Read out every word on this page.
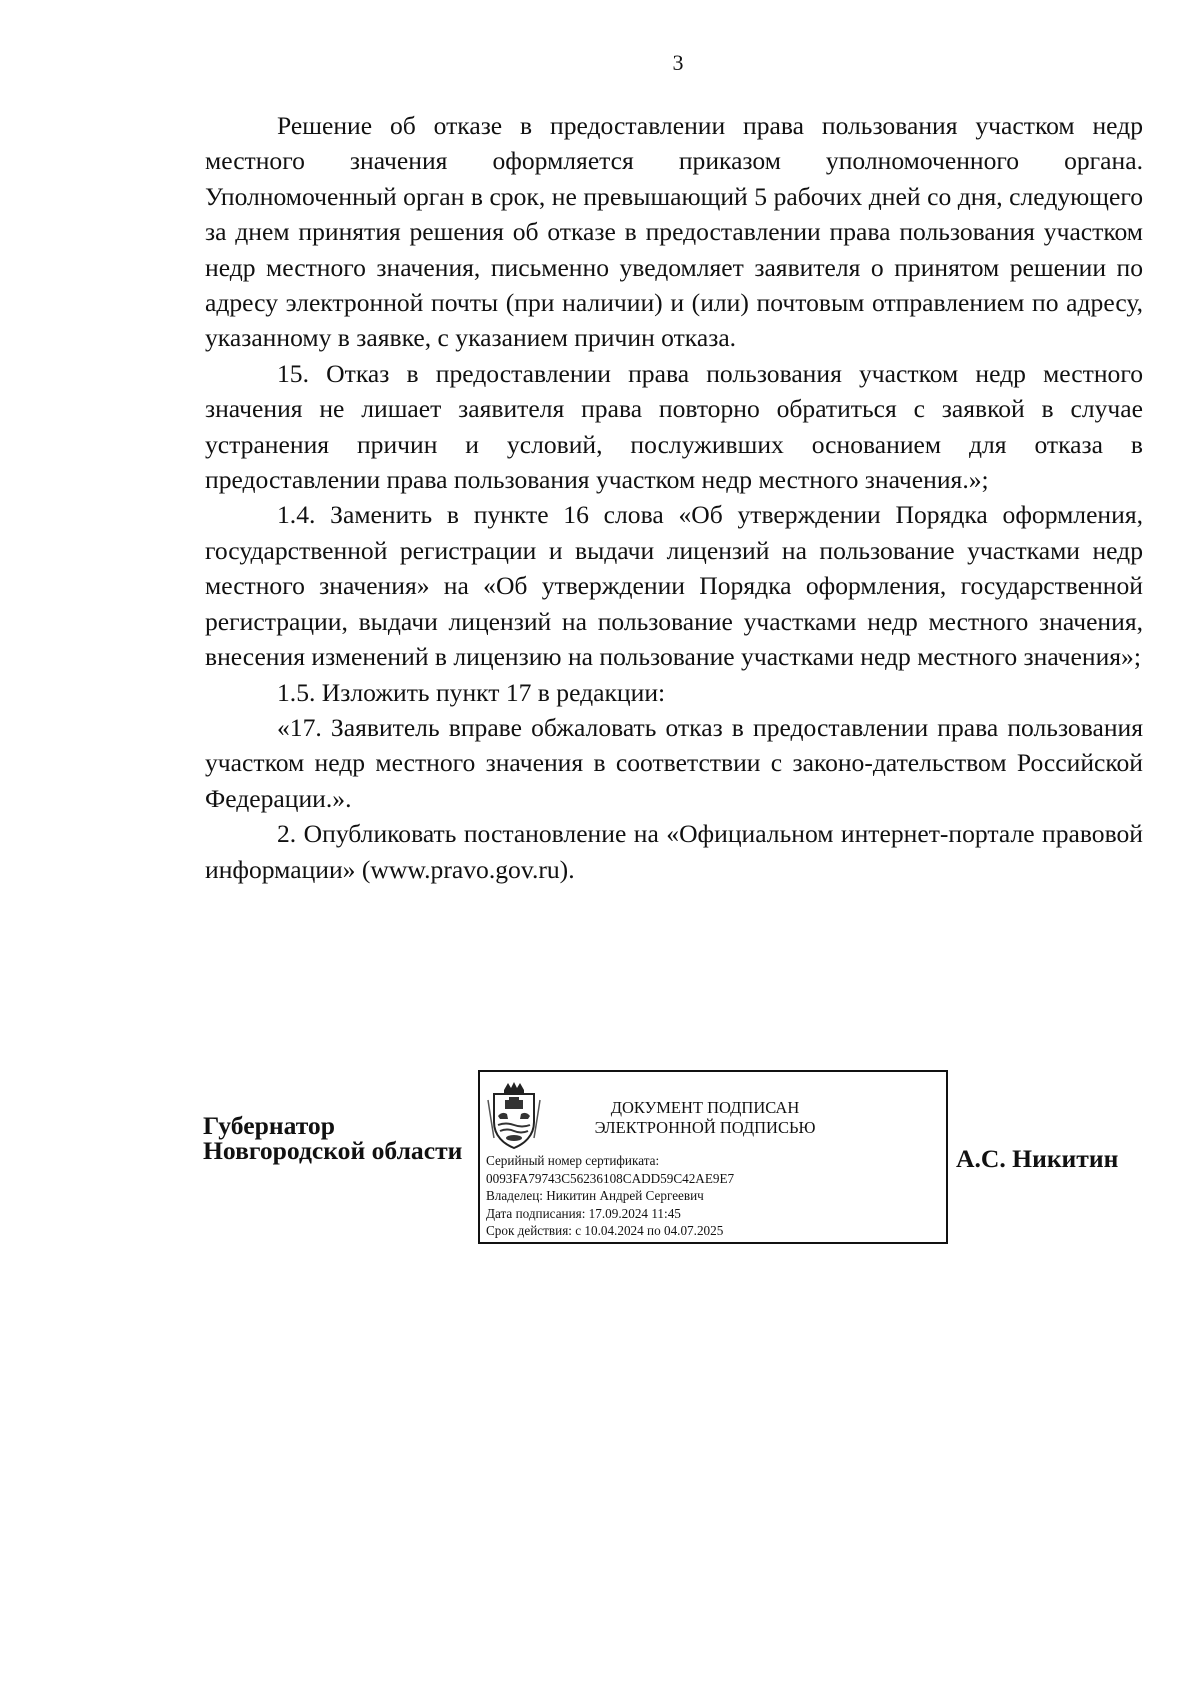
3

Решение об отказе в предоставлении права пользования участком недр местного значения оформляется приказом уполномоченного органа. Уполномоченный орган в срок, не превышающий 5 рабочих дней со дня, следующего за днем принятия решения об отказе в предоставлении права пользования участком недр местного значения, письменно уведомляет заявителя о принятом решении по адресу электронной почты (при наличии) и (или) почтовым отправлением по адресу, указанному в заявке, с указанием причин отказа.

15. Отказ в предоставлении права пользования участком недр местного значения не лишает заявителя права повторно обратиться с заявкой в случае устранения причин и условий, послуживших основанием для отказа в предоставлении права пользования участком недр местного значения.»;

1.4. Заменить в пункте 16 слова «Об утверждении Порядка оформления, государственной регистрации и выдачи лицензий на пользование участками недр местного значения» на «Об утверждении Порядка оформления, государственной регистрации, выдачи лицензий на пользование участками недр местного значения, внесения изменений в лицензию на пользование участками недр местного значения»;

1.5. Изложить пункт 17 в редакции:

«17. Заявитель вправе обжаловать отказ в предоставлении права пользования участком недр местного значения в соответствии с законо-дательством Российской Федерации.».

2. Опубликовать постановление на «Официальном интернет-портале правовой информации» (www.pravo.gov.ru).

Губернатор
Новгородской области
ДОКУМЕНТ ПОДПИСАН
ЭЛЕКТРОННОЙ ПОДПИСЬЮ
Серийный номер сертификата:
0093FA79743C56236108CADD59C42AE9E7
Владелец: Никитин Андрей Сергеевич
Дата подписания: 17.09.2024 11:45
Срок действия: с 10.04.2024 по 04.07.2025
А.С. Никитин
